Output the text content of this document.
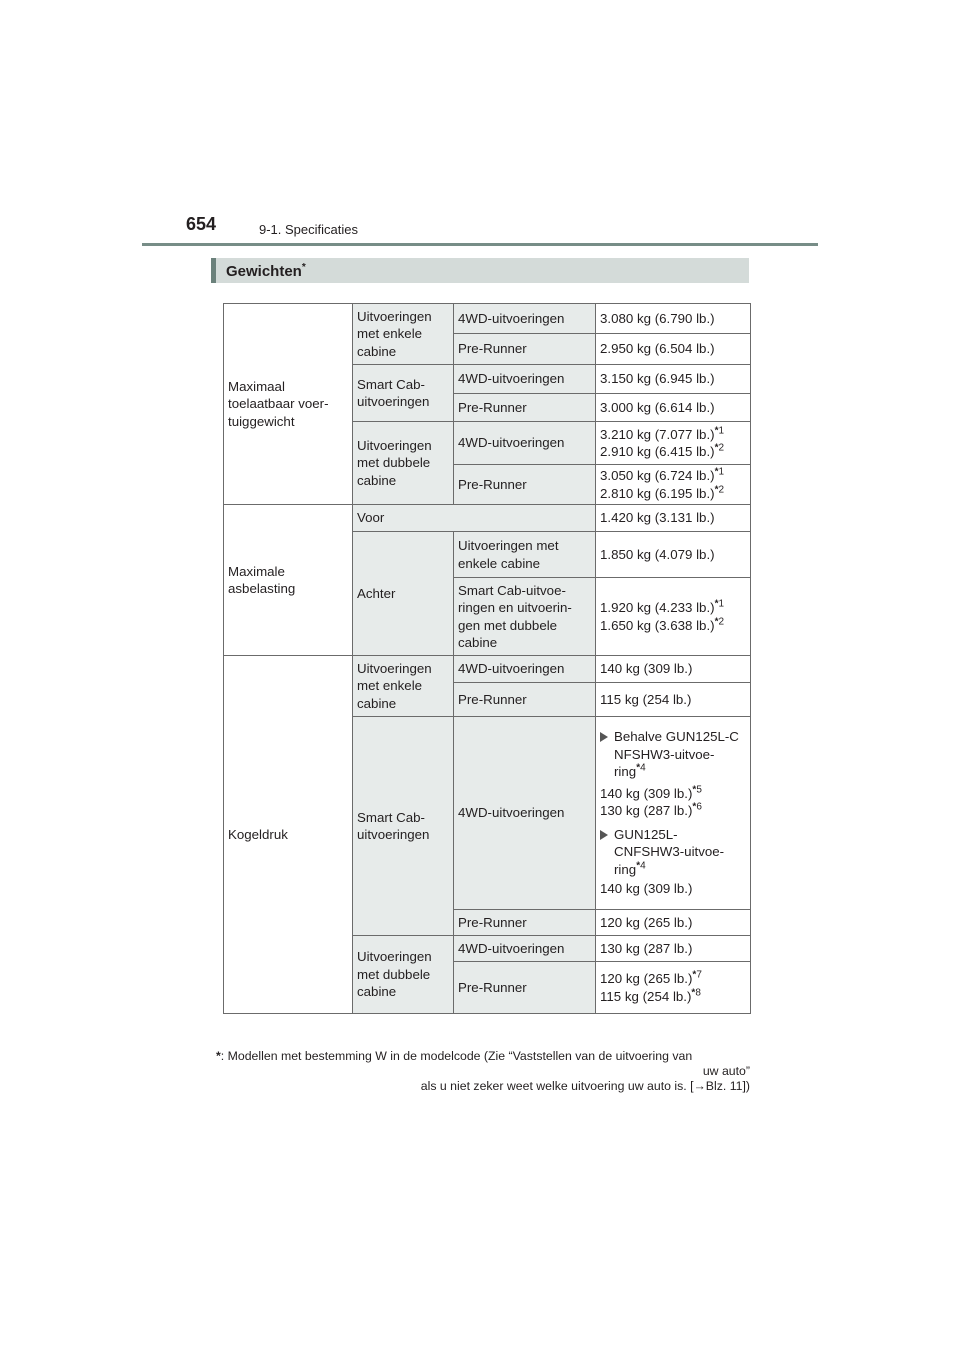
654	9-1. Specificaties
Gewichten*
Maximaal toelaatbaar voer-tuiggewicht	Uitvoeringen met enkele cabine	4WD-uitvoeringen	3.080 kg (6.790 lb.)
		Pre-Runner	2.950 kg (6.504 lb.)
	Smart Cab-uitvoeringen	4WD-uitvoeringen	3.150 kg (6.945 lb.)
		Pre-Runner	3.000 kg (6.614 lb.)
	Uitvoeringen met dubbele cabine	4WD-uitvoeringen	3.210 kg (7.077 lb.)$^{*1}$
2.910 kg (6.415 lb.)$^{*2}$
		Pre-Runner	3.050 kg (6.724 lb.)$^{*1}$
2.810 kg (6.195 lb.)$^{*2}$
Maximale asbelasting	Voor		1.420 kg (3.131 lb.)
	Achter	Uitvoeringen met enkele cabine	1.850 kg (4.079 lb.)
		Smart Cab-uitvoe-ringen en uitvoerin-gen met dubbele cabine	1.920 kg (4.233 lb.)$^{*1}$
1.650 kg (3.638 lb.)$^{*2}$
Kogeldruk	Uitvoeringen met enkele cabine	4WD-uitvoeringen	140 kg (309 lb.)
		Pre-Runner	115 kg (254 lb.)
	Smart Cab-uitvoeringen	4WD-uitvoeringen	Behalve GUN125L-C NFSHW3-uitvoe-ring$^{*4}$
140 kg (309 lb.)$^{*5}$
130 kg (287 lb.)$^{*6}$
GUN125L-CNFSHW3-uitvoe-ring$^{*4}$
140 kg (309 lb.)

		Pre-Runner	120 kg (265 lb.)
	Uitvoeringen met dubbele cabine	4WD-uitvoeringen	130 kg (287 lb.)
		Pre-Runner	120 kg (265 lb.)$^{*7}$
115 kg (254 lb.)$^{*8}$
*: Modellen met bestemming W in de modelcode (Zie “Vaststellen van de uitvoering van
uw auto”
als u niet zeker weet welke uitvoering uw auto is. [→Blz. 11])
